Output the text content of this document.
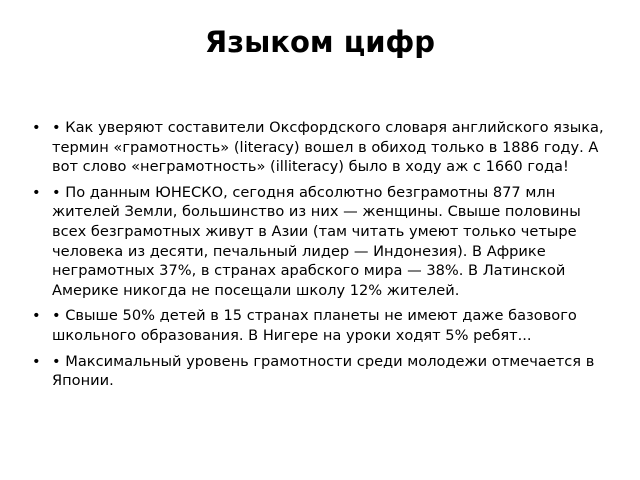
Языком цифр
• • Как уверяют составители Оксфордского словаря английского языка, термин «грамотность» (literacy) вошел в обиход только в 1886 году. А вот слово «неграмотность» (illiteracy) было в ходу аж с 1660 года!
• • По данным ЮНЕСКО, сегодня абсолютно безграмотны 877 млн жителей Земли, большинство из них — женщины. Свыше половины всех безграмотных живут в Азии (там читать умеют только четыре человека из десяти, печальный лидер — Индонезия). В Африке неграмотных 37%, в странах арабского мира — 38%. В Латинской Америке никогда не посещали школу 12% жителей.
• • Свыше 50% детей в 15 странах планеты не имеют даже базового школьного образования. В Нигере на уроки ходят 5% ребят...
• • Максимальный уровень грамотности среди молодежи отмечается в Японии.
